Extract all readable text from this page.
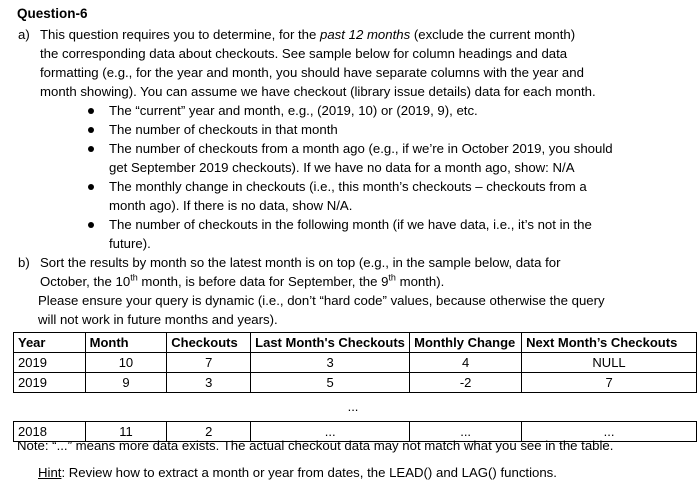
Question-6
a) This question requires you to determine, for the past 12 months (exclude the current month)
the corresponding data about checkouts. See sample below for column headings and data
formatting (e.g., for the year and month, you should have separate columns with the year and
month showing). You can assume we have checkout (library issue details) data for each month.
The “current” year and month, e.g., (2019, 10) or (2019, 9), etc.
The number of checkouts in that month
The number of checkouts from a month ago (e.g., if we’re in October 2019, you should
get September 2019 checkouts). If we have no data for a month ago, show: N/A
The monthly change in checkouts (i.e., this month’s checkouts – checkouts from a
month ago). If there is no data, show N/A.
The number of checkouts in the following month (if we have data, i.e., it’s not in the
future).
b) Sort the results by month so the latest month is on top (e.g., in the sample below, data for
October, the 10th month, is before data for September, the 9th month).
Please ensure your query is dynamic (i.e., don’t “hard code” values, because otherwise the query
will not work in future months and years).
Year	Month	Checkouts	Last Month's Checkouts	Monthly Change	Next Month’s Checkouts
2019	10	7	3	4	NULL
2019	9	3	5	-2	7
...					
2018	11	2	...	...	...
Note: “...” means more data exists. The actual checkout data may not match what you see in the table.
Hint: Review how to extract a month or year from dates, the LEAD() and LAG() functions.
